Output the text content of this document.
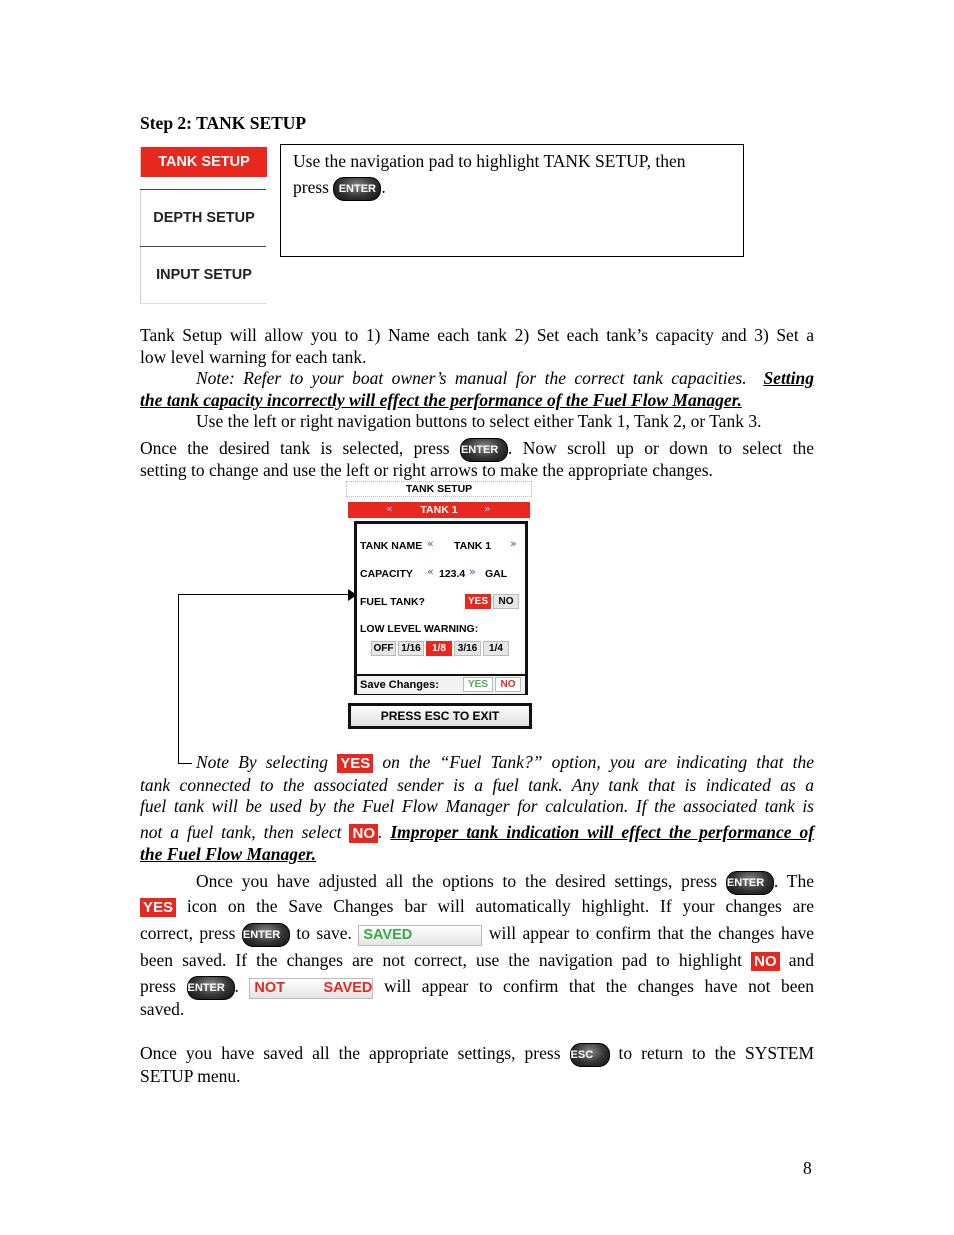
Step 2: TANK SETUP
TANK SETUP
DEPTH SETUP
INPUT SETUP
Use the navigation pad to highlight TANK SETUP, then
press ENTER .
Tank Setup will allow you to 1) Name each tank 2) Set each tank’s capacity and 3) Set a
low level warning for each tank.
Note: Refer to your boat owner’s manual for the correct tank capacities. Setting
the tank capacity incorrectly will effect the performance of the Fuel Flow Manager.
Use the left or right navigation buttons to select either Tank 1, Tank 2, or Tank 3.
Once the desired tank is selected, press ENTER . Now scroll up or down to select the
setting to change and use the left or right arrows to make the appropriate changes.
TANK SETUP
«	TANK 1	»
TANK NAME « TANK 1 »
CAPACITY « 123.4 » GAL
FUEL TANK?	YES	NO
LOW LEVEL WARNING:
OFF 1/16	1/8	3/16	1/4
Save Changes:	YES	NO
PRESS ESC TO EXIT
Note By selecting YES on the “Fuel Tank?” option, you are indicating that the
tank connected to the associated sender is a fuel tank. Any tank that is indicated as a
fuel tank will be used by the Fuel Flow Manager for calculation. If the associated tank is
not a fuel tank, then select NO . Improper tank indication will effect the performance of
the Fuel Flow Manager.
Once you have adjusted all the options to the desired settings, press ENTER . The
YES icon on the Save Changes bar will automatically highlight. If your changes are
correct, press ENTER to save. SAVED	will appear to confirm that the changes have
been saved. If the changes are not correct, use the navigation pad to highlight NO and
press ENTER . NOT SAVED will appear to confirm that the changes have not been
saved.
Once you have saved all the appropriate settings, press ESC to return to the SYSTEM
SETUP menu.
8
